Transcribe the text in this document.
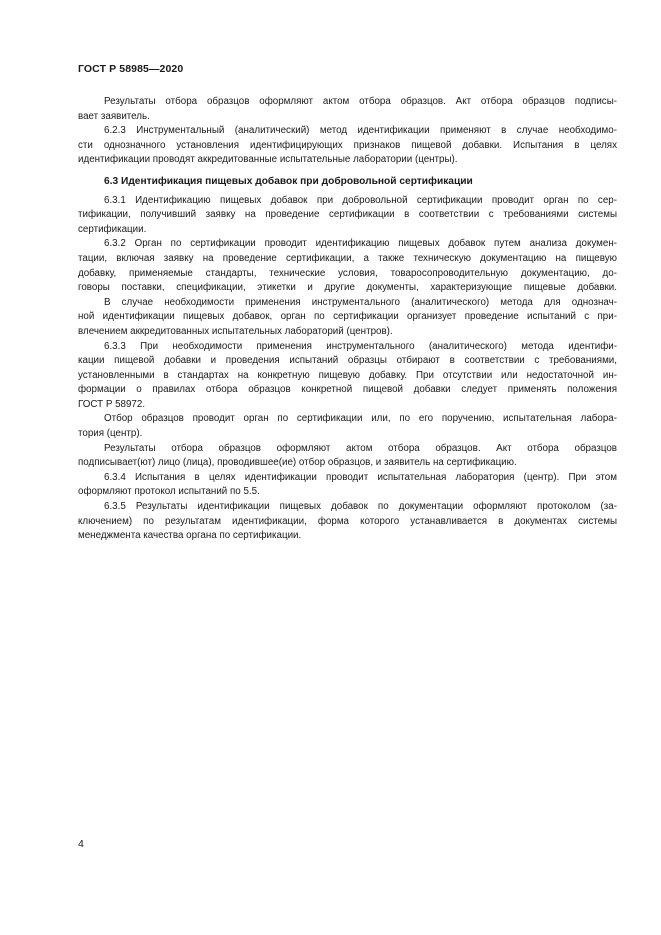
ГОСТ Р 58985—2020
Результаты отбора образцов оформляют актом отбора образцов. Акт отбора образцов подписы-
вает заявитель.
6.2.3 Инструментальный (аналитический) метод идентификации применяют в случае необходимо-
сти однозначного установления идентифицирующих признаков пищевой добавки. Испытания в целях
идентификации проводят аккредитованные испытательные лаборатории (центры).
6.3 Идентификация пищевых добавок при добровольной сертификации
6.3.1 Идентификацию пищевых добавок при добровольной сертификации проводит орган по сер-
тификации, получивший заявку на проведение сертификации в соответствии с требованиями системы
сертификации.
6.3.2 Орган по сертификации проводит идентификацию пищевых добавок путем анализа докумен-
тации, включая заявку на проведение сертификации, а также техническую документацию на пищевую
добавку, применяемые стандарты, технические условия, товаросопроводительную документацию, до-
говоры поставки, спецификации, этикетки и другие документы, характеризующие пищевые добавки.
В случае необходимости применения инструментального (аналитического) метода для однознач-
ной идентификации пищевых добавок, орган по сертификации организует проведение испытаний с при-
влечением аккредитованных испытательных лабораторий (центров).
6.3.3 При необходимости применения инструментального (аналитического) метода идентифи-
кации пищевой добавки и проведения испытаний образцы отбирают в соответствии с требованиями,
установленными в стандартах на конкретную пищевую добавку. При отсутствии или недостаточной ин-
формации о правилах отбора образцов конкретной пищевой добавки следует применять положения
ГОСТ Р 58972.
Отбор образцов проводит орган по сертификации или, по его поручению, испытательная лабора-
тория (центр).
Результаты отбора образцов оформляют актом отбора образцов. Акт отбора образцов
подписывает(ют) лицо (лица), проводившее(ие) отбор образцов, и заявитель на сертификацию.
6.3.4 Испытания в целях идентификации проводит испытательная лаборатория (центр). При этом
оформляют протокол испытаний по 5.5.
6.3.5 Результаты идентификации пищевых добавок по документации оформляют протоколом (за-
ключением) по результатам идентификации, форма которого устанавливается в документах системы
менеджмента качества органа по сертификации.
4
